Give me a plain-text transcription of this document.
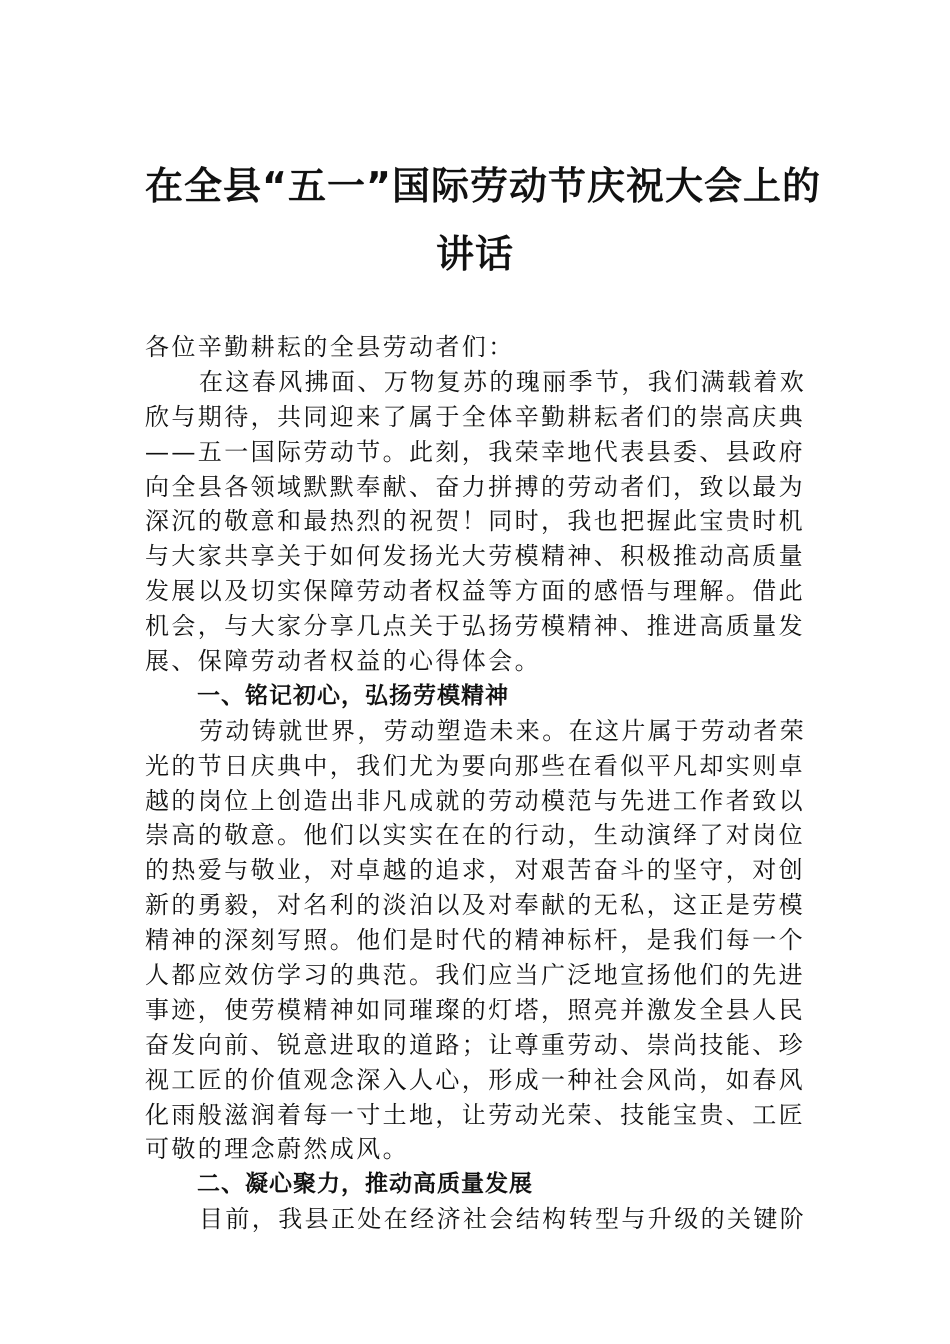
在全县“五一”国际劳动节庆祝大会上的
讲话
各位辛勤耕耘的全县劳动者们：
在这春风拂面、万物复苏的瑰丽季节，我们满载着欢
欣与期待，共同迎来了属于全体辛勤耕耘者们的崇高庆典
——五一国际劳动节。此刻，我荣幸地代表县委、县政府
向全县各领域默默奉献、奋力拼搏的劳动者们，致以最为
深沉的敬意和最热烈的祝贺！同时，我也把握此宝贵时机
与大家共享关于如何发扬光大劳模精神、积极推动高质量
发展以及切实保障劳动者权益等方面的感悟与理解。借此
机会，与大家分享几点关于弘扬劳模精神、推进高质量发
展、保障劳动者权益的心得体会。
一、铭记初心，弘扬劳模精神
劳动铸就世界，劳动塑造未来。在这片属于劳动者荣
光的节日庆典中，我们尤为要向那些在看似平凡却实则卓
越的岗位上创造出非凡成就的劳动模范与先进工作者致以
崇高的敬意。他们以实实在在的行动，生动演绎了对岗位
的热爱与敬业，对卓越的追求，对艰苦奋斗的坚守，对创
新的勇毅，对名利的淡泊以及对奉献的无私，这正是劳模
精神的深刻写照。他们是时代的精神标杆，是我们每一个
人都应效仿学习的典范。我们应当广泛地宣扬他们的先进
事迹，使劳模精神如同璀璨的灯塔，照亮并激发全县人民
奋发向前、锐意进取的道路；让尊重劳动、崇尚技能、珍
视工匠的价值观念深入人心，形成一种社会风尚，如春风
化雨般滋润着每一寸土地，让劳动光荣、技能宝贵、工匠
可敬的理念蔚然成风。
二、凝心聚力，推动高质量发展
目前，我县正处在经济社会结构转型与升级的关键阶
